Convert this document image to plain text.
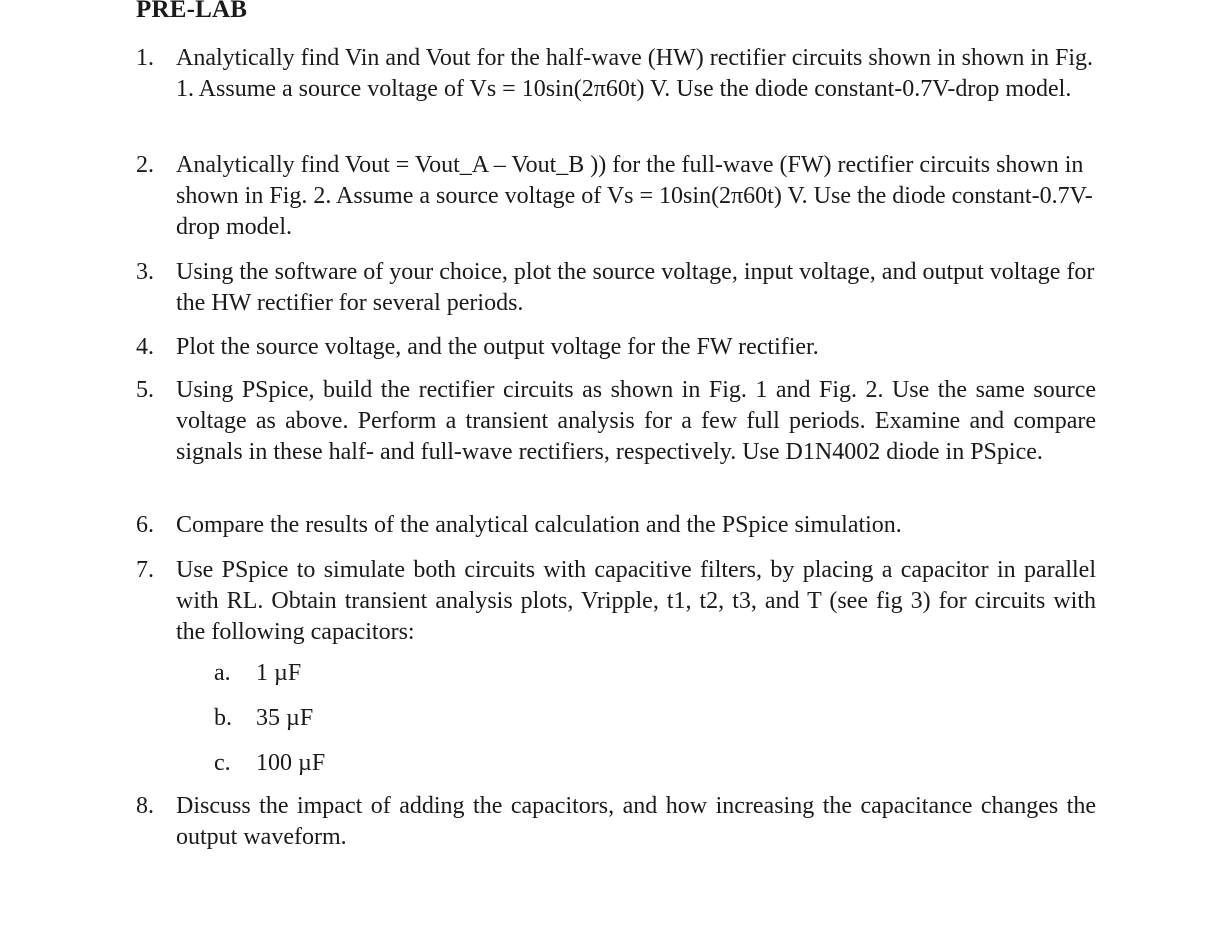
PRE-LAB
1. Analytically find Vin and Vout for the half-wave (HW) rectifier circuits shown in shown in Fig. 1. Assume a source voltage of Vs = 10sin(2π60t) V. Use the diode constant-0.7V-drop model.
2. Analytically find Vout = Vout_A – Vout_B )) for the full-wave (FW) rectifier circuits shown in shown in Fig. 2. Assume a source voltage of Vs = 10sin(2π60t) V. Use the diode constant-0.7V-drop model.
3. Using the software of your choice, plot the source voltage, input voltage, and output voltage for the HW rectifier for several periods.
4. Plot the source voltage, and the output voltage for the FW rectifier.
5. Using PSpice, build the rectifier circuits as shown in Fig. 1 and Fig. 2. Use the same source voltage as above. Perform a transient analysis for a few full periods. Examine and compare signals in these half- and full-wave rectifiers, respectively. Use D1N4002 diode in PSpice.
6. Compare the results of the analytical calculation and the PSpice simulation.
7. Use PSpice to simulate both circuits with capacitive filters, by placing a capacitor in parallel with RL. Obtain transient analysis plots, Vripple, t1, t2, t3, and T (see fig 3) for circuits with the following capacitors:
a. 1 µF
b. 35 µF
c. 100 µF
8. Discuss the impact of adding the capacitors, and how increasing the capacitance changes the output waveform.
